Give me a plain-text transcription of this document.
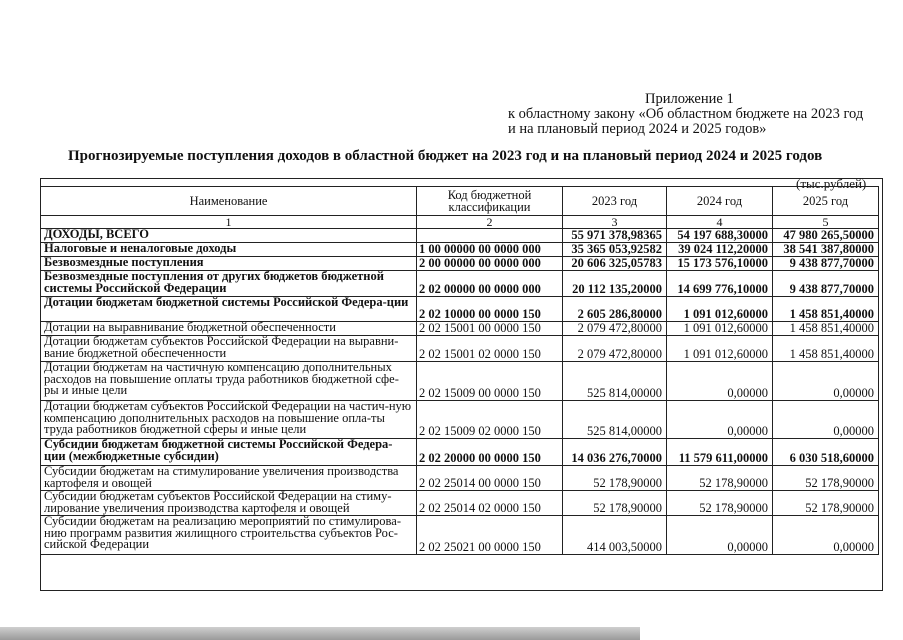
Приложение 1
к областному закону «Об областном бюджете на 2023 год
и на плановый период 2024 и 2025 годов»
Прогнозируемые поступления доходов в областной бюджет на 2023 год и на плановый период 2024 и 2025 годов
(тыс.рублей)
Наименование	Код бюджетной классификации	2023 год	2024 год	2025 год
1	2	3	4	5
ДОХОДЫ, ВСЕГО		55 971 378,98365	54 197 688,30000	47 980 265,50000
Налоговые и неналоговые доходы	1 00 00000 00 0000 000	35 365 053,92582	39 024 112,20000	38 541 387,80000
Безвозмездные поступления	2 00 00000 00 0000 000	20 606 325,05783	15 173 576,10000	9 438 877,70000
Безвозмездные поступления от других бюджетов бюджетной системы Российской Федерации	2 02 00000 00 0000 000	20 112 135,20000	14 699 776,10000	9 438 877,70000
Дотации бюджетам бюджетной системы Российской Федера-ции	2 02 10000 00 0000 150	2 605 286,80000	1 091 012,60000	1 458 851,40000
Дотации на выравнивание бюджетной обеспеченности	2 02 15001 00 0000 150	2 079 472,80000	1 091 012,60000	1 458 851,40000
Дотации бюджетам субъектов Российской Федерации на выравни-вание бюджетной обеспеченности	2 02 15001 02 0000 150	2 079 472,80000	1 091 012,60000	1 458 851,40000
Дотации бюджетам на частичную компенсацию дополнительных расходов на повышение оплаты труда работников бюджетной сфе-ры и иные цели	2 02 15009 00 0000 150	525 814,00000	0,00000	0,00000
Дотации бюджетам субъектов Российской Федерации на частич-ную компенсацию дополнительных расходов на повышение опла-ты труда работников бюджетной сферы и иные цели	2 02 15009 02 0000 150	525 814,00000	0,00000	0,00000
Субсидии бюджетам бюджетной системы Российской Федера-ции (межбюджетные субсидии)	2 02 20000 00 0000 150	14 036 276,70000	11 579 611,00000	6 030 518,60000
Субсидии бюджетам на стимулирование увеличения производства картофеля и овощей	2 02 25014 00 0000 150	52 178,90000	52 178,90000	52 178,90000
Субсидии бюджетам субъектов Российской Федерации на стиму-лирование увеличения производства картофеля и овощей	2 02 25014 02 0000 150	52 178,90000	52 178,90000	52 178,90000
Субсидии бюджетам на реализацию мероприятий по стимулирова-нию программ развития жилищного строительства субъектов Рос-сийской Федерации	2 02 25021 00 0000 150	414 003,50000	0,00000	0,00000
